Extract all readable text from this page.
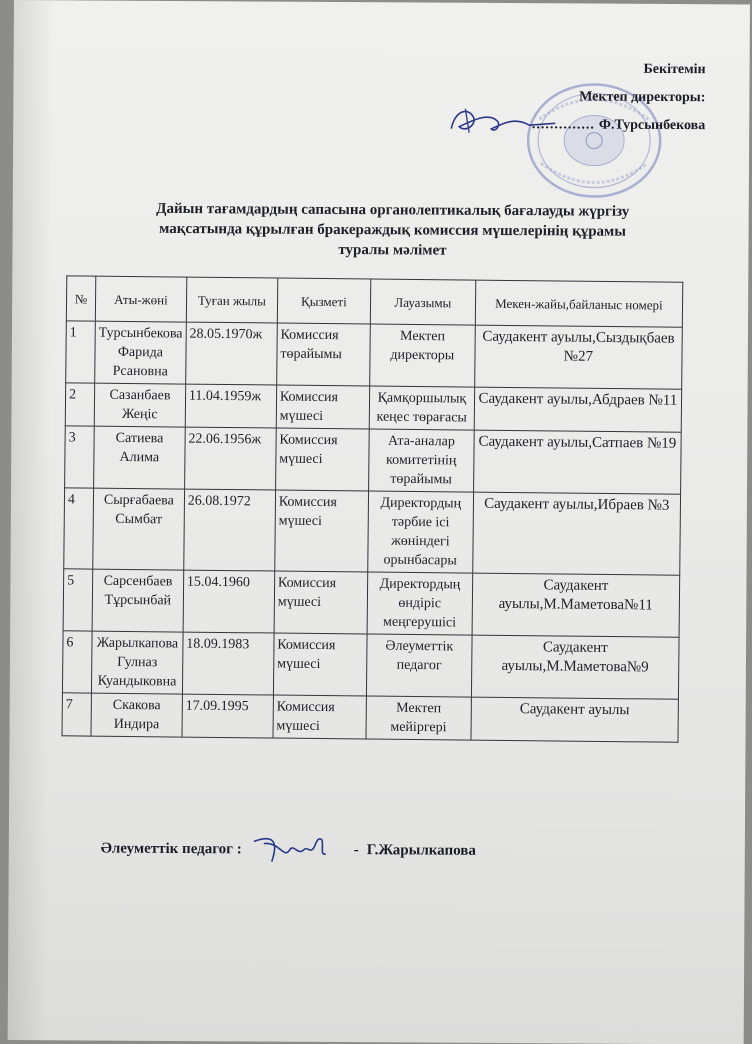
Бекітемін
Мектеп директоры:
.............. Ф.Турсынбекова
Дайын тағамдардың сапасына органолептикалық бағалауды жүргізу
мақсатында құрылған бракераждық комиссия мүшелерінің құрамы
туралы мәлімет
№	Аты-жөні	Туған жылы	Қызметі	Лауазымы	Мекен-жайы,байланыс номері
1	Турсынбекова Фарида Рсановна	28.05.1970ж	Комиссия төрайымы	Мектеп директоры	Саудакент ауылы,Сыздықбаев №27
2	Сазанбаев Жеңіс	11.04.1959ж	Комиссия мүшесі	Қамқоршылық кеңес төрағасы	Саудакент ауылы,Абдраев №11
3	Сатиева Алима	22.06.1956ж	Комиссия мүшесі	Ата-аналар комитетінің төрайымы	Саудакент ауылы,Сатпаев №19
4	Сырғабаева Сымбат	26.08.1972	Комиссия мүшесі	Директордың тәрбие ісі жөніндегі орынбасары	Саудакент ауылы,Ибраев №3
5	Сарсенбаев Тұрсынбай	15.04.1960	Комиссия мүшесі	Директордың өндіріс меңгерушісі	Саудакент ауылы,М.Маметова№11
6	Жарылкапова Гулназ Куандыковна	18.09.1983	Комиссия мүшесі	Әлеуметтік педагог	Саудакент ауылы,М.Маметова№9
7	Скакова Индира	17.09.1995	Комиссия мүшесі	Мектеп мейіргері	Саудакент ауылы
Әлеуметтік педагог :	- Г.Жарылкапова
